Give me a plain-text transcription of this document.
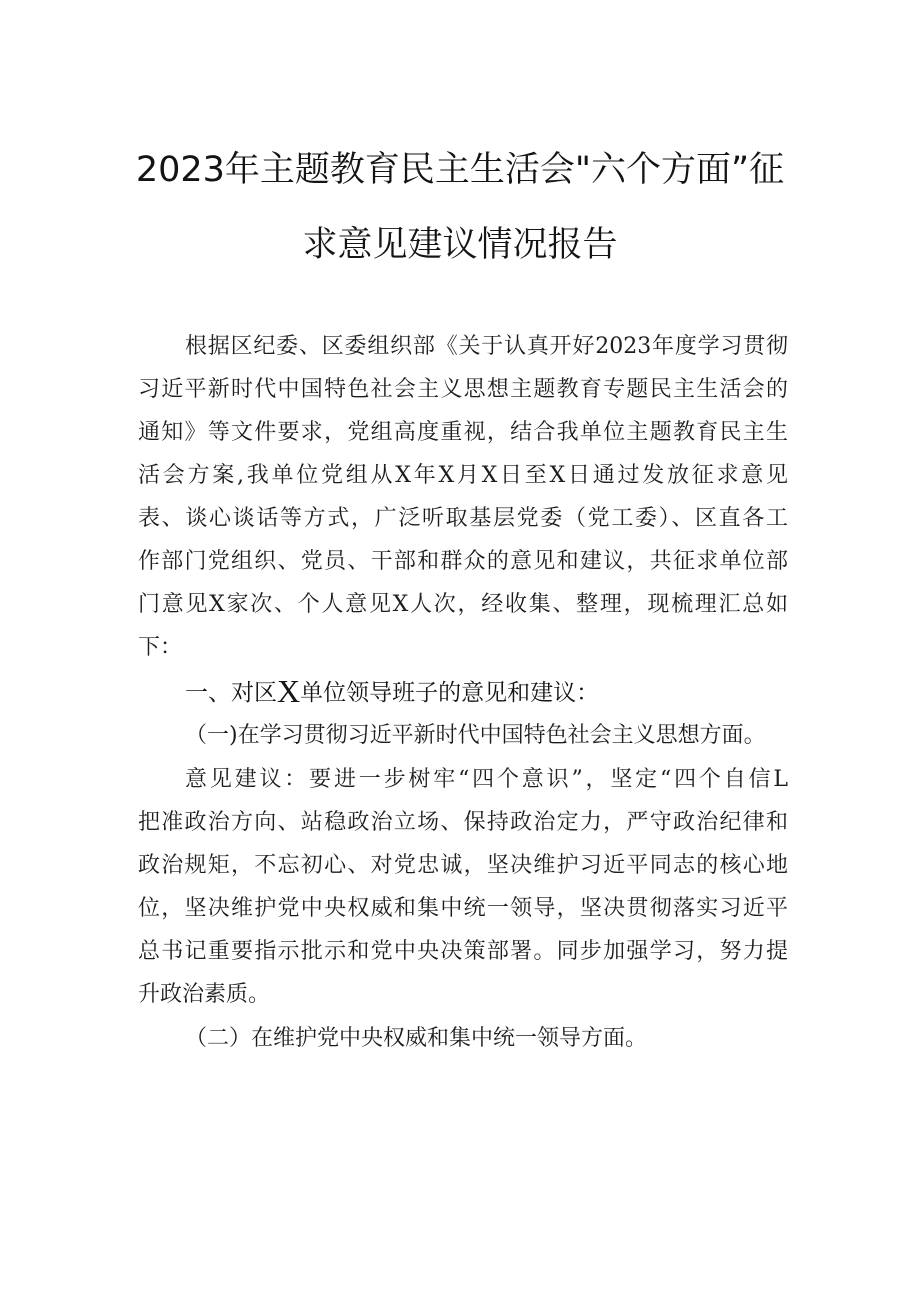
2023年主题教育民主生活会"六个方面”征
求意见建议情况报告
根据区纪委、区委组织部《关于认真开好2023年度学习贯彻
习近平新时代中国特色社会主义思想主题教育专题民主生活会的
通知》等文件要求，党组高度重视，结合我单位主题教育民主生
活会方案,我单位党组从X年X月X日至X日通过发放征求意见
表、谈心谈话等方式，广泛听取基层党委（党工委）、区直各工
作部门党组织、党员、干部和群众的意见和建议，共征求单位部
门意见X家次、个人意见X人次，经收集、整理，现梳理汇总如
下：
一、对区X单位领导班子的意见和建议：
（一)在学习贯彻习近平新时代中国特色社会主义思想方面。
意见建议：要进一步树牢“四个意识”，坚定“四个自信L
把准政治方向、站稳政治立场、保持政治定力，严守政治纪律和
政治规矩，不忘初心、对党忠诚，坚决维护习近平同志的核心地
位，坚决维护党中央权威和集中统一领导，坚决贯彻落实习近平
总书记重要指示批示和党中央决策部署。同步加强学习，努力提
升政治素质。
（二）在维护党中央权威和集中统一领导方面。
